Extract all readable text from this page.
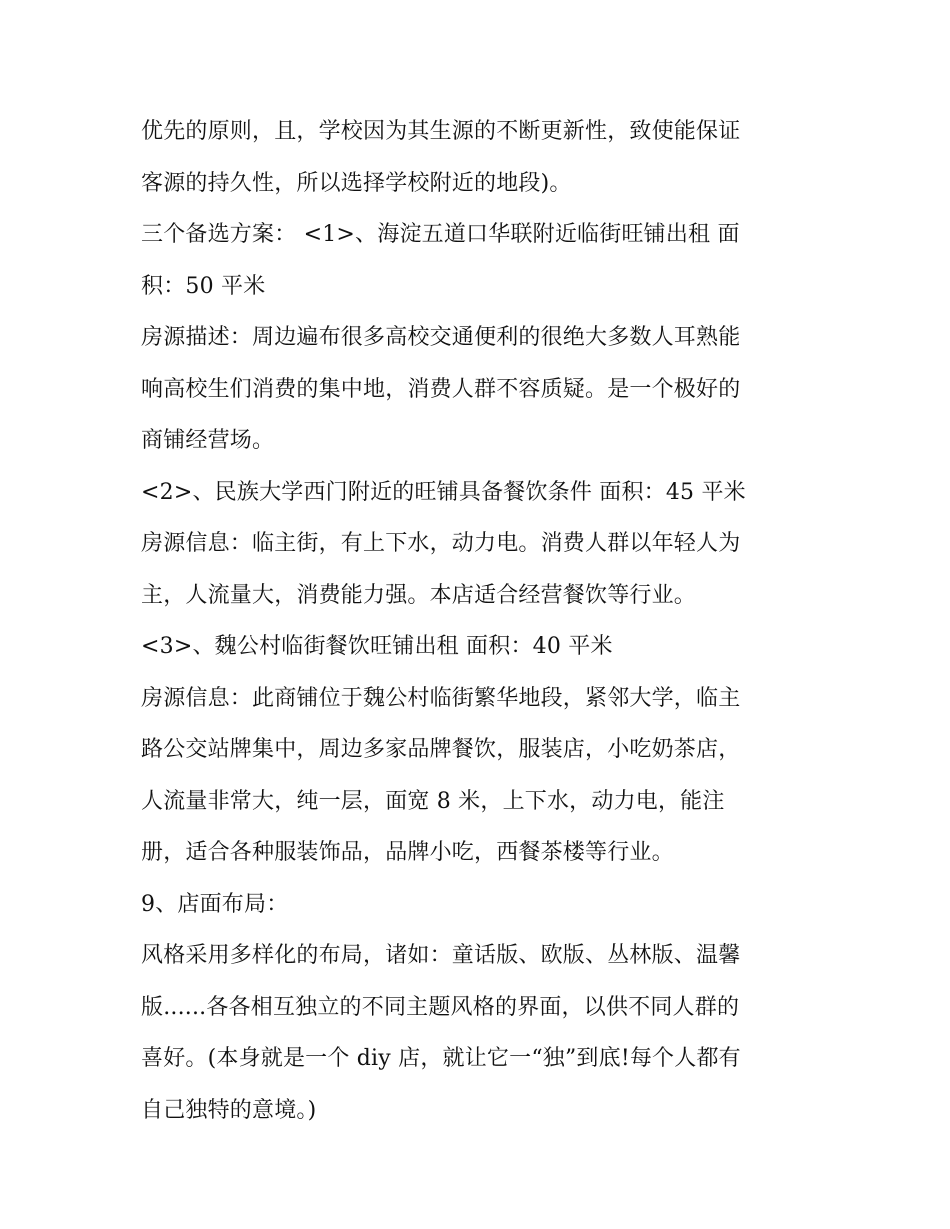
优先的原则，且，学校因为其生源的不断更新性，致使能保证
客源的持久性，所以选择学校附近的地段)。
三个备选方案： <1>、海淀五道口华联附近临街旺铺出租 面
积：50 平米
房源描述：周边遍布很多高校交通便利的很绝大多数人耳熟能
响高校生们消费的集中地，消费人群不容质疑。是一个极好的
商铺经营场。
<2>、民族大学西门附近的旺铺具备餐饮条件 面积：45 平米
房源信息：临主街，有上下水，动力电。消费人群以年轻人为
主，人流量大，消费能力强。本店适合经营餐饮等行业。
<3>、魏公村临街餐饮旺铺出租 面积：40 平米
房源信息：此商铺位于魏公村临街繁华地段，紧邻大学，临主
路公交站牌集中，周边多家品牌餐饮，服装店，小吃奶茶店，
人流量非常大，纯一层，面宽 8 米，上下水，动力电，能注
册，适合各种服装饰品，品牌小吃，西餐茶楼等行业。
9、店面布局：
风格采用多样化的布局，诸如：童话版、欧版、丛林版、温馨
版......各各相互独立的不同主题风格的界面，以供不同人群的
喜好。(本身就是一个 diy 店，就让它一“独”到底!每个人都有
自己独特的意境。)
